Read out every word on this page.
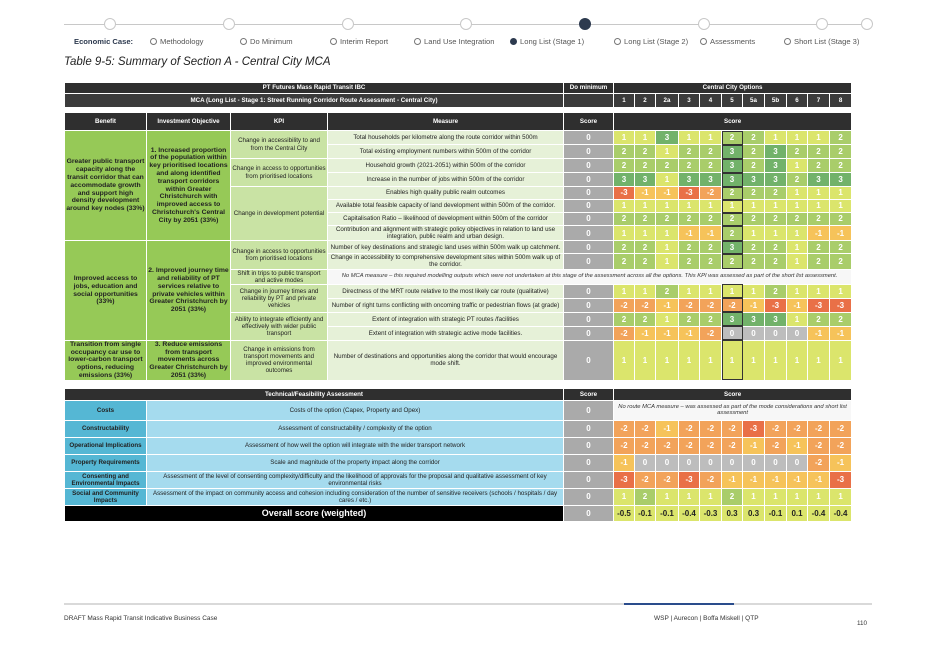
Economic Case:	Methodology	Do Minimum	Interim Report	Land Use Integration	Long List (Stage 1)	Long List (Stage 2)	Assessments	Short List (Stage 3)
Table 9-5: Summary of Section A - Central City MCA
PT Futures Mass Rapid Transit IBC				Do minimum	Central City Options										
MCA (Long List - Stage 1: Street Running Corridor Route Assessment - Central City)					1	2	2a	3	4	5	5a	5b	6	7	8

Benefit	Investment Objective	KPI	Measure	Score	Score										
Greater public transport capacity along the transit corridor that can accommodate growth and support high density development around key nodes (33%)	1. Increased proportion of the population within key prioritised locations and along identified transport corridors within Greater Christchurch with improved access to Christchurch's Central City by 2051 (33%)	Change in accessibility to and from the Central City	Total households per kilometre along the route corridor within 500m	0	1	1	3	1	1	2	2	1	1	1	2
			Total existing employment numbers within 500m of the corridor	0	2	2	1	2	2	3	2	3	2	2	2
		Change in access to opportunities from prioritised locations	Household growth (2021-2051) within 500m of the corridor	0	2	2	2	2	2	3	2	3	1	2	2
			Increase in the number of jobs within 500m of the corridor	0	3	3	1	3	3	3	3	3	2	3	3
		Change in development potential	Enables high quality public realm outcomes	0	-3	-1	-1	-3	-2	2	2	2	1	1	1
			Available total feasible capacity of land development within 500m of the corridor.	0	1	1	1	1	1	1	1	1	1	1	1
			Capitalisation Ratio – likelihood of development within 500m of the corridor	0	2	2	2	2	2	2	2	2	2	2	2
			Contribution and alignment with strategic policy objectives in relation to land use integration, public realm and urban design.	0	1	1	1	-1	-1	2	1	1	1	-1	-1
Improved access to jobs, education and social opportunities (33%)	2. Improved journey time and reliability of PT services relative to private vehicles within Greater Christchurch by 2051 (33%)	Change in access to opportunities from prioritised locations	Number of key destinations and strategic land uses within 500m walk up catchment.	0	2	2	1	2	2	3	2	2	1	2	2
			Change in accessibility to comprehensive development sites within 500m walk up of the corridor.	0	2	2	1	2	2	2	2	2	1	2	2
		Shift in trips to public transport and active modes	No MCA measure – this required modelling outputs which were not undertaken at this stage of the assessment across all the options. This KPI was assessed as part of the short list assessment.												
		Change in journey times and reliability by PT and private vehicles	Directness of the MRT route relative to the most likely car route (qualitative)	0	1	1	2	1	1	1	1	2	1	1	1
			Number of right turns conflicting with oncoming traffic or pedestrian flows (at grade)	0	-2	-2	-1	-2	-2	-2	-1	-3	-1	-3	-3
		Ability to integrate efficiently and effectively with wider public transport	Extent of integration with strategic PT routes /facilities	0	2	2	1	2	2	3	3	3	1	2	2
			Extent of integration with strategic active mode facilities.	0	-2	-1	-1	-1	-2	0	0	0	0	-1	-1
Transition from single occupancy car use to lower-carbon transport options, reducing emissions (33%)	3. Reduce emissions from transport movements across Greater Christchurch by 2051 (33%)	Change in emissions from transport movements and improved environmental outcomes	Number of destinations and opportunities along the corridor that would encourage mode shift.	0	1	1	1	1	1	1	1	1	1	1	1

Technical/Feasibility Assessment				Score	Score										
Costs	Costs of the option (Capex, Property and Opex)			0	No route MCA measure – was assessed as part of the mode considerations and short list assessment										
Constructability	Assessment of constructability / complexity of the option			0	-2	-2	-1	-2	-2	-2	-3	-2	-2	-2	-2
Operational Implications	Assessment of how well the option will integrate with the wider transport network			0	-2	-2	-2	-2	-2	-2	-1	-2	-1	-2	-2
Property Requirements	Scale and magnitude of the property impact along the corridor			0	-1	0	0	0	0	0	0	0	0	-2	-1
Consenting and Environmental Impacts	Assessment of the level of consenting complexity/difficulty and the likelihood of approvals for the proposal and qualitative assessment of key environmental risks			0	-3	-2	-2	-3	-2	-1	-1	-1	-1	-1	-3
Social and Community Impacts	Assessment of the impact on community access and cohesion including consideration of the number of sensitive receivers (schools / hospitals / day cares / etc.)			0	1	2	1	1	1	2	1	1	1	1	1
Overall score (weighted)				0	-0.5	-0.1	-0.1	-0.4	-0.3	0.3	0.3	-0.1	0.1	-0.4	-0.4
DRAFT Mass Rapid Transit Indicative Business Case	WSP | Aurecon | Boffa Miskell | QTP
110
